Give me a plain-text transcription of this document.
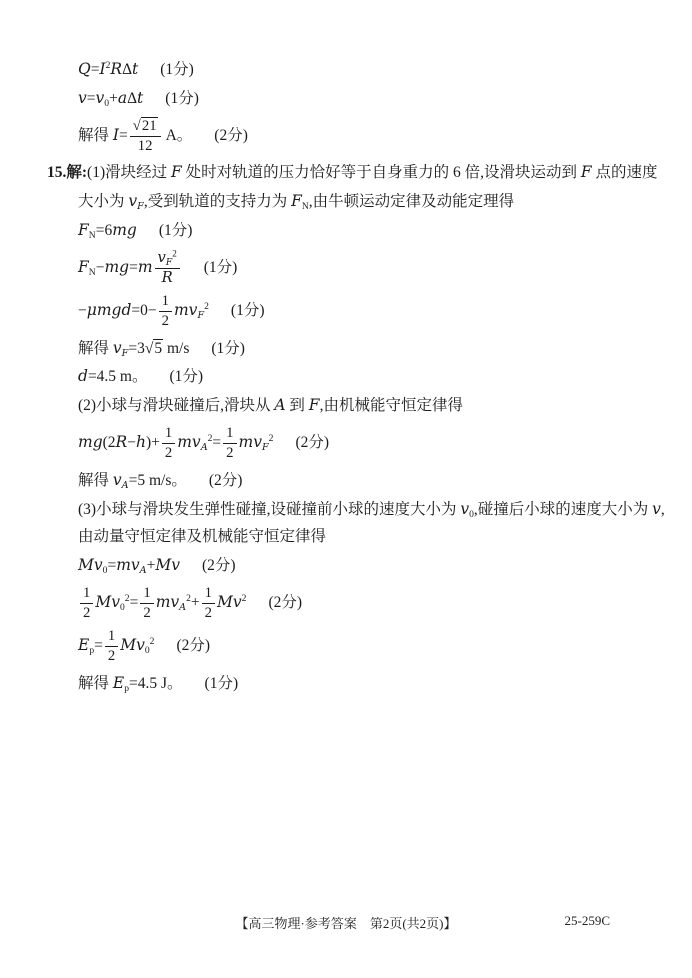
$Q=I^2R\Delta t$ (1分)
$v=v_0+a\Delta t$ (1分)
解得 $I= \frac{√21}{12}$ A。 (2分)
15.解:(1)滑块经过 F 处时对轨道的压力恰好等于自身重力的 6 倍,设滑块运动到 F 点的速度
大小为 $v_F$,受到轨道的支持力为 $F_N$,由牛顿运动定律及动能定理得
$F_N=6mg$ (1分)
$F_N-mg=m \frac{v_F^2}{R} (1$分)
$-\mu mgd=0- \frac{1}{2} mv_F^2$ (1分)
解得 $v_F=3√5$ m/s (1分)
d=4.5 m。 (1分)
(2)小球与滑块碰撞后,滑块从 A 到 F,由机械能守恒定律得
$mg(2R-h)+ \frac{1}{2} mv_A^2= \frac{1}{2} mv_F^2$ (2分)
解得 $v_A=5$ m/s。 (2分)
(3)小球与滑块发生弹性碰撞,设碰撞前小球的速度大小为 $v_0$,碰撞后小球的速度大小为 v,
由动量守恒定律及机械能守恒定律得
$Mv_0=mv_A+Mv$ (2分)
$\frac{1}{2} Mv_0^2= \frac{1}{2} mv_A^2+ \frac{1}{2} Mv^2$ (2分)
$E_p= \frac{1}{2} Mv_0^2$ (2分)
解得 $E_p=4.5$ J。 (1分)
【高三物理·参考答案　第2页(共2页)】	25-259C
